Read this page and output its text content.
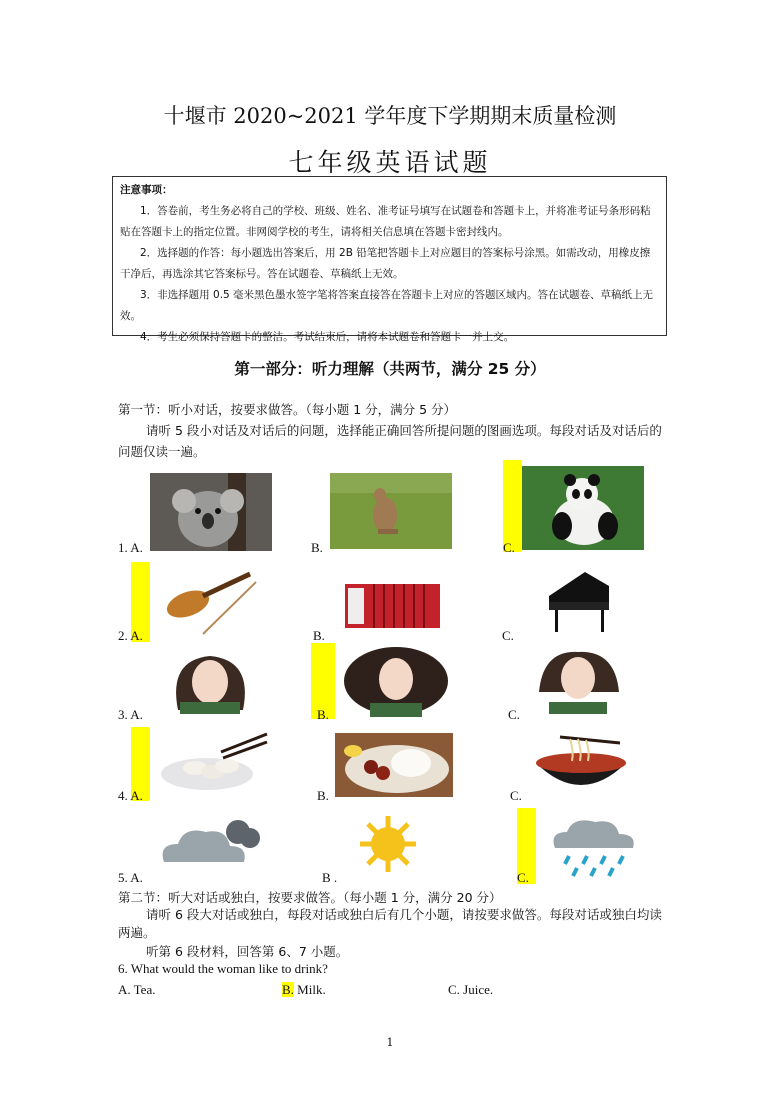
十堰市 2020~2021 学年度下学期期末质量检测
七年级英语试题
注意事项：
1．答卷前，考生务必将自己的学校、班级、姓名、准考证号填写在试题卷和答题卡上，并将准考证号条形码粘贴在答题卡上的指定位置。非网阅学校的考生，请将相关信息填在答题卡密封线内。
2．选择题的作答：每小题选出答案后，用 2B 铅笔把答题卡上对应题目的答案标号涂黑。如需改动，用橡皮擦干净后，再选涂其它答案标号。答在试题卷、草稿纸上无效。
3．非选择题用 0.5 毫米黑色墨水签字笔将答案直接答在答题卡上对应的答题区域内。答在试题卷、草稿纸上无效。
4．考生必须保持答题卡的整洁。考试结束后，请将本试题卷和答题卡一并上交。
第一部分：听力理解（共两节，满分 25 分）
第一节：听小对话，按要求做答。（每小题 1 分，满分 5 分）
请听 5 段小对话及对话后的问题，选择能正确回答所提问题的图画选项。每段对话及对话后的问题仅读一遍。
1. A.	B.	C.
2. A.	B.	C.
3. A.	B.	C.
4. A.	B.	C.
5. A.	B .	C.
第二节：听大对话或独白，按要求做答。（每小题 1 分，满分 20 分）
请听 6 段大对话或独白，每段对话或独白后有几个小题，请按要求做答。每段对话或独白均读两遍。
听第 6 段材料，回答第 6、7 小题。
6. What would the woman like to drink?
A. Tea.	B. Milk.	C. Juice.
1
